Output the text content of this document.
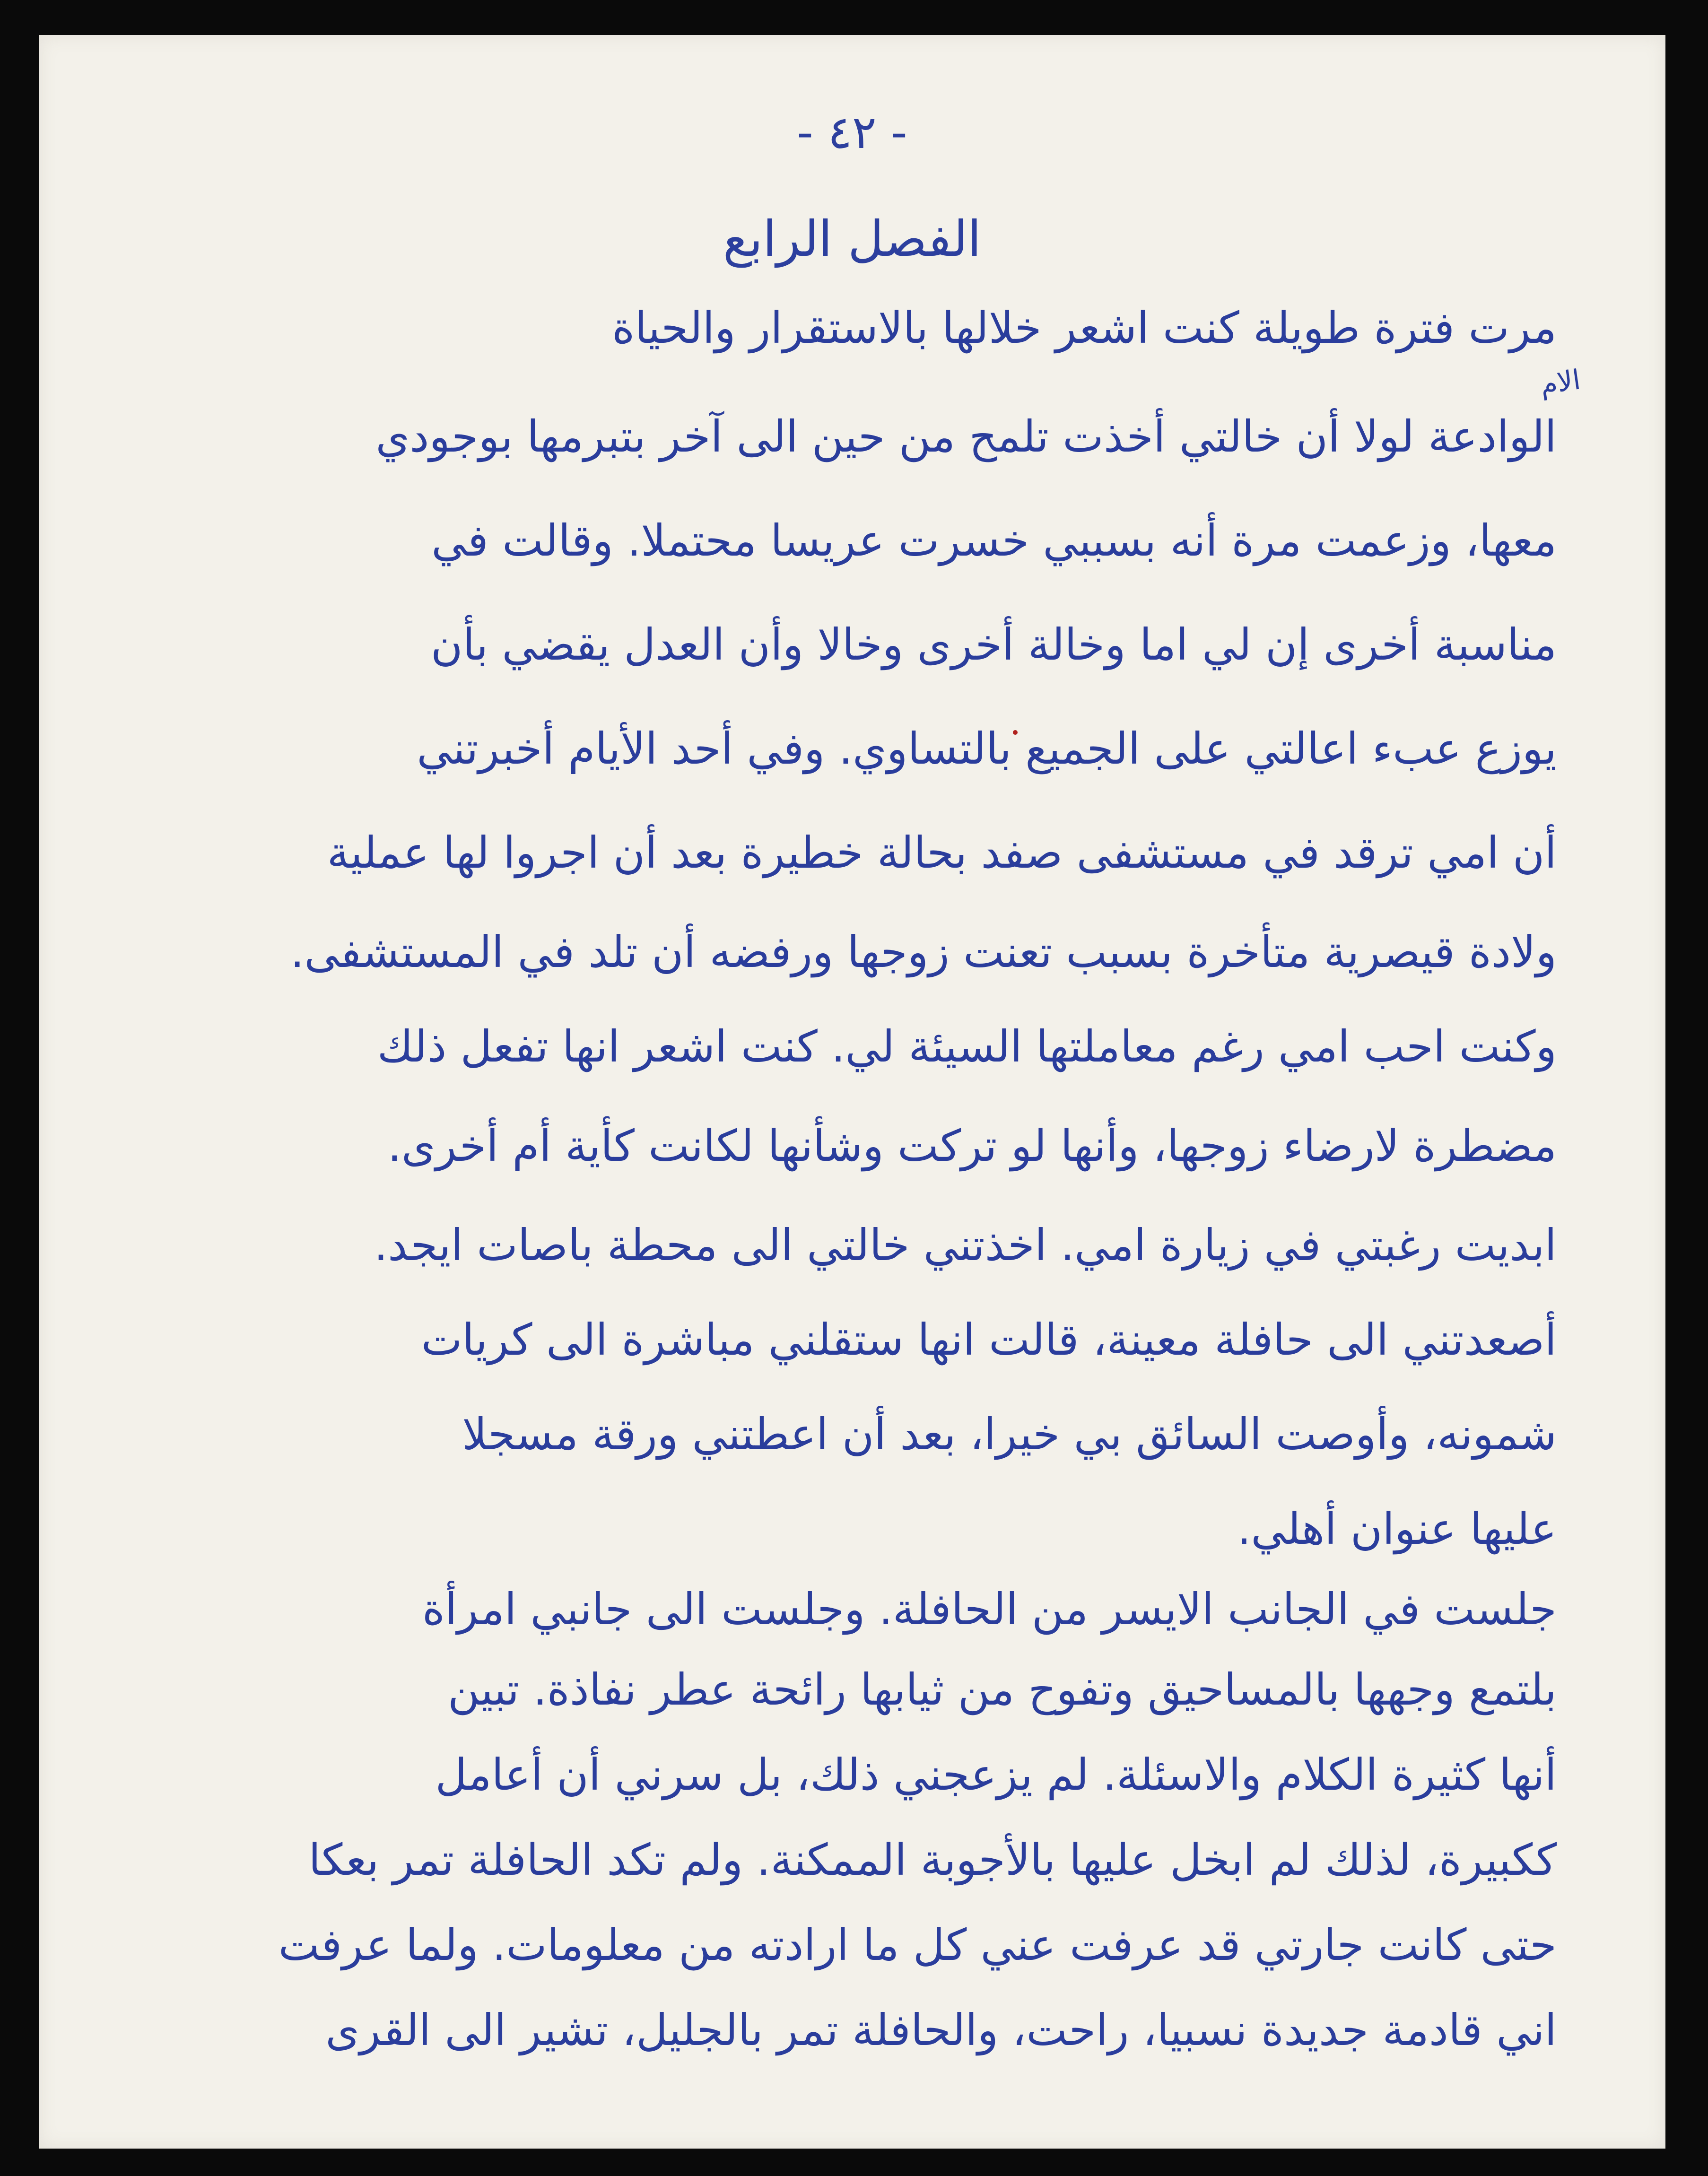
- ٤٢ -
الفصل الرابع
الام
مرت فترة طويلة كنت اشعر خلالها بالاستقرار والحياة
الوادعة لولا أن خالتي أخذت تلمح من حين الى آخر بتبرمها بوجودي
معها، وزعمت مرة أنه بسببي خسرت عريسا محتملا. وقالت في
مناسبة أخرى إن لي اما وخالة أخرى وخالا وأن العدل يقضي بأن
يوزع عبء اعالتي على الجميع بالتساوي. وفي أحد الأيام أخبرتني
أن امي ترقد في مستشفى صفد بحالة خطيرة بعد أن اجروا لها عملية
ولادة قيصرية متأخرة بسبب تعنت زوجها ورفضه أن تلد في المستشفى.
وكنت احب امي رغم معاملتها السيئة لي. كنت اشعر انها تفعل ذلك
مضطرة لارضاء زوجها، وأنها لو تركت وشأنها لكانت كأية أم أخرى.
ابديت رغبتي في زيارة امي. اخذتني خالتي الى محطة باصات ايجد.
أصعدتني الى حافلة معينة، قالت انها ستقلني مباشرة الى كريات
شمونه، وأوصت السائق بي خيرا، بعد أن اعطتني ورقة مسجلا
عليها عنوان أهلي.
جلست في الجانب الايسر من الحافلة. وجلست الى جانبي امرأة
بلتمع وجهها بالمساحيق وتفوح من ثيابها رائحة عطر نفاذة. تبين
أنها كثيرة الكلام والاسئلة. لم يزعجني ذلك، بل سرني أن أعامل
ككبيرة، لذلك لم ابخل عليها بالأجوبة الممكنة. ولم تكد الحافلة تمر بعكا
حتى كانت جارتي قد عرفت عني كل ما ارادته من معلومات. ولما عرفت
اني قادمة جديدة نسبيا، راحت، والحافلة تمر بالجليل، تشير الى القرى
